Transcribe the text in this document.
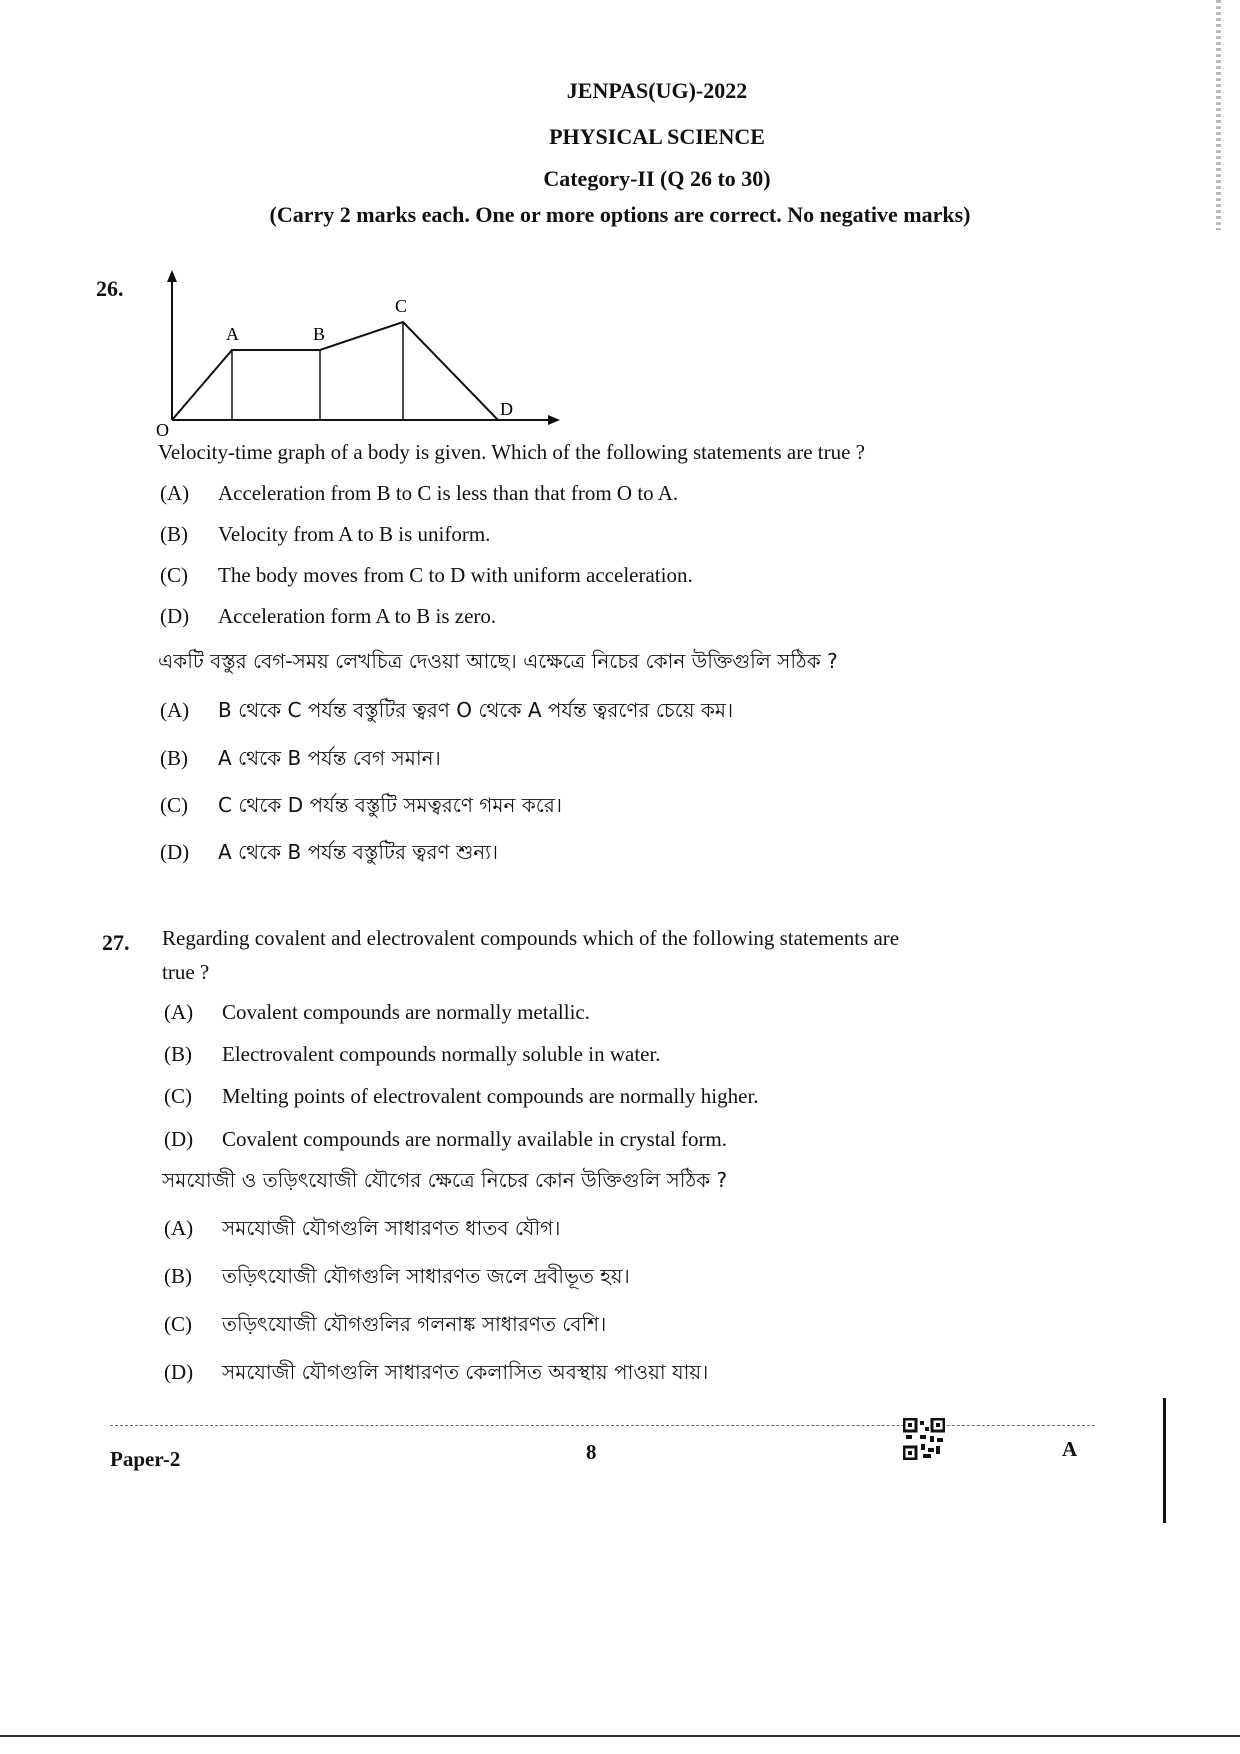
JENPAS(UG)-2022
PHYSICAL SCIENCE
Category-II (Q 26 to 30)
(Carry 2 marks each. One or more options are correct. No negative marks)
26.
O
A	B
C
D
Velocity-time graph of a body is given. Which of the following statements are true ?
(A) Acceleration from B to C is less than that from O to A.
(B) Velocity from A to B is uniform.
(C) The body moves from C to D with uniform acceleration.
(D) Acceleration form A to B is zero.
একটি বস্তুর বেগ-সময় লেখচিত্র দেওয়া আছে। এক্ষেত্রে নিচের কোন উক্তিগুলি সঠিক ?
(A) B থেকে C পর্যন্ত বস্তুটির ত্বরণ O থেকে A পর্যন্ত ত্বরণের চেয়ে কম।
(B) A থেকে B পর্যন্ত বেগ সমান।
(C) C থেকে D পর্যন্ত বস্তুটি সমত্বরণে গমন করে।
(D) A থেকে B পর্যন্ত বস্তুটির ত্বরণ শুন্য।
27. Regarding covalent and electrovalent compounds which of the following statements are
true ?
(A) Covalent compounds are normally metallic.
(B) Electrovalent compounds normally soluble in water.
(C) Melting points of electrovalent compounds are normally higher.
(D) Covalent compounds are normally available in crystal form.
সমযোজী ও তড়িৎযোজী যৌগের ক্ষেত্রে নিচের কোন উক্তিগুলি সঠিক ?
(A) সমযোজী যৌগগুলি সাধারণত ধাতব যৌগ।
(B) তড়িৎযোজী যৌগগুলি সাধারণত জলে দ্রবীভূত হয়।
(C) তড়িৎযোজী যৌগগুলির গলনাঙ্ক সাধারণত বেশি।
(D) সমযোজী যৌগগুলি সাধারণত কেলাসিত অবস্থায় পাওয়া যায়।
Paper-2	8	A
